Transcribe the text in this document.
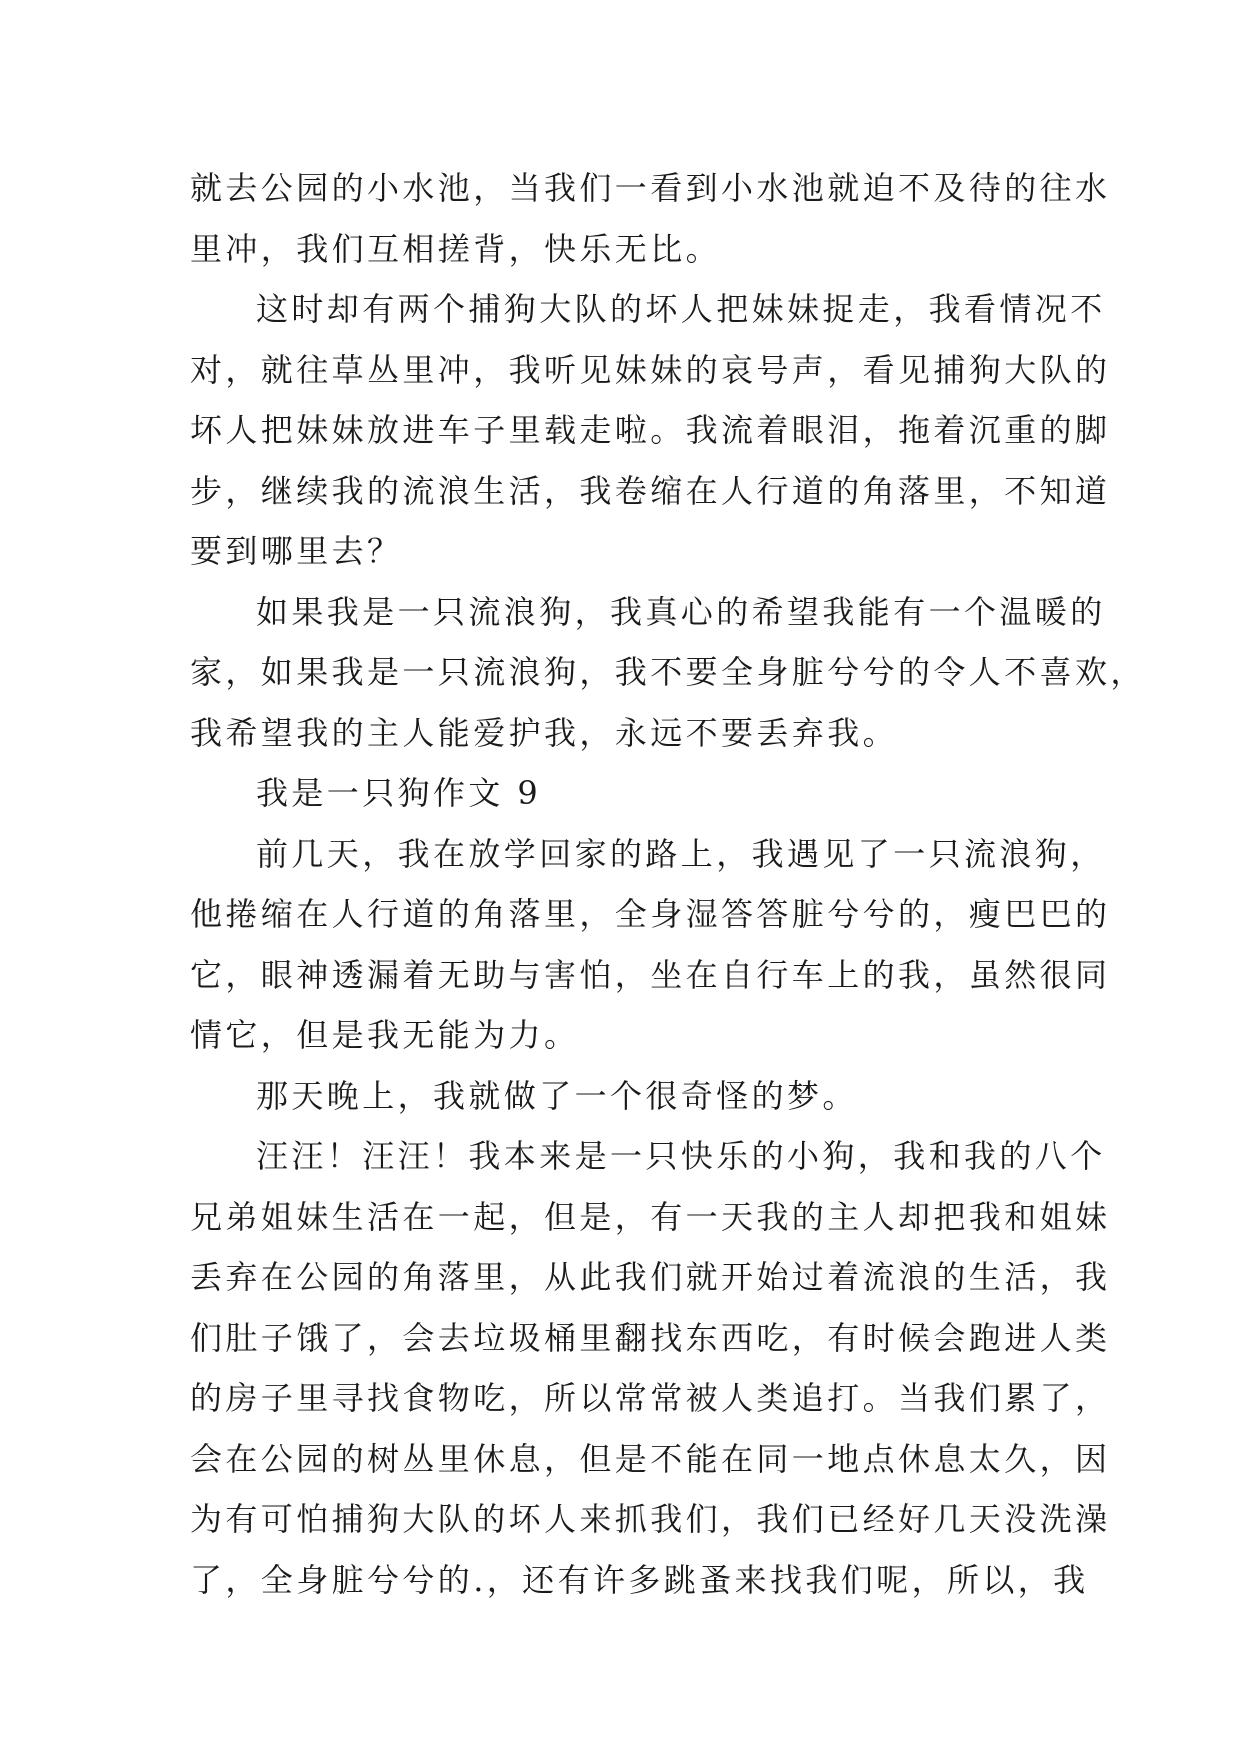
就去公园的小水池，当我们一看到小水池就迫不及待的往水
里冲，我们互相搓背，快乐无比。
这时却有两个捕狗大队的坏人把妹妹捉走，我看情况不
对，就往草丛里冲，我听见妹妹的哀号声，看见捕狗大队的
坏人把妹妹放进车子里载走啦。我流着眼泪，拖着沉重的脚
步，继续我的流浪生活，我卷缩在人行道的角落里，不知道
要到哪里去？
如果我是一只流浪狗，我真心的希望我能有一个温暖的
家，如果我是一只流浪狗，我不要全身脏兮兮的令人不喜欢，
我希望我的主人能爱护我，永远不要丢弃我。
我是一只狗作文 9
前几天，我在放学回家的路上，我遇见了一只流浪狗，
他捲缩在人行道的角落里，全身湿答答脏兮兮的，瘦巴巴的
它，眼神透漏着无助与害怕，坐在自行车上的我，虽然很同
情它，但是我无能为力。
那天晚上，我就做了一个很奇怪的梦。
汪汪！汪汪！我本来是一只快乐的小狗，我和我的八个
兄弟姐妹生活在一起，但是，有一天我的主人却把我和姐妹
丢弃在公园的角落里，从此我们就开始过着流浪的生活，我
们肚子饿了，会去垃圾桶里翻找东西吃，有时候会跑进人类
的房子里寻找食物吃，所以常常被人类追打。当我们累了，
会在公园的树丛里休息，但是不能在同一地点休息太久，因
为有可怕捕狗大队的坏人来抓我们，我们已经好几天没洗澡
了，全身脏兮兮的.，还有许多跳蚤来找我们呢，所以，我
